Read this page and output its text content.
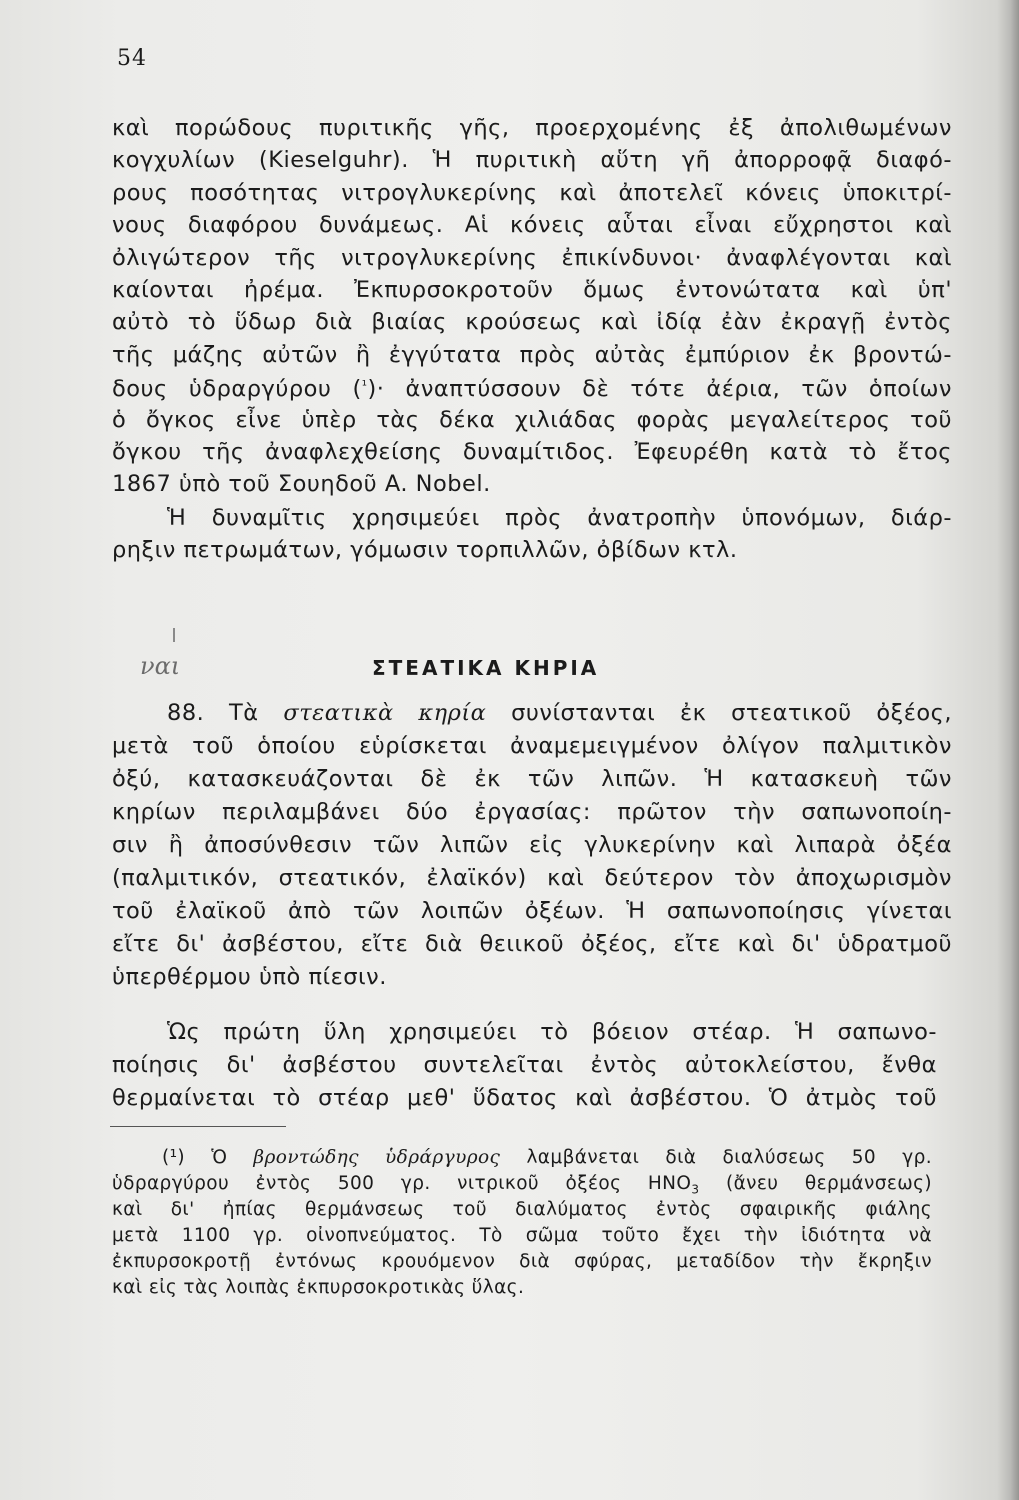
54
καὶ πορώδους πυριτικῆς γῆς, προερχομένης ἐξ ἀπολιθωμένων
κογχυλίων (Kieselguhr). Ἡ πυριτικὴ αὕτη γῆ ἀπορροφᾷ διαφό-
ρους ποσότητας νιτρογλυκερίνης καὶ ἀποτελεῖ κόνεις ὑποκιτρί-
νους διαφόρου δυνάμεως. Αἱ κόνεις αὗται εἶναι εὔχρηστοι καὶ
ὀλιγώτερον τῆς νιτρογλυκερίνης ἐπικίνδυνοι· ἀναφλέγονται καὶ
καίονται ἠρέμα. Ἐκπυρσοκροτοῦν ὅμως ἐντονώτατα καὶ ὑπ'
αὐτὸ τὸ ὕδωρ διὰ βιαίας κρούσεως καὶ ἰδίᾳ ἐὰν ἐκραγῇ ἐντὸς
τῆς μάζης αὐτῶν ἢ ἐγγύτατα πρὸς αὐτὰς ἐμπύριον ἐκ βροντώ-
δους ὑδραργύρου ($^{^1}$)· ἀναπτύσσουν δὲ τότε ἀέρια, τῶν ὁποίων
ὁ ὄγκος εἶνε ὑπὲρ τὰς δέκα χιλιάδας φορὰς μεγαλείτερος τοῦ
ὄγκου τῆς ἀναφλεχθείσης δυναμίτιδος. Ἐφευρέθη κατὰ τὸ ἔτος
1867 ὑπὸ τοῦ Σουηδοῦ A. Nobel.
Ἡ δυναμῖτις χρησιμεύει πρὸς ἀνατροπὴν ὑπονόμων, διάρ-
ρηξιν πετρωμάτων, γόμωσιν τορπιλλῶν, ὀβίδων κτλ.
ναι	ΣΤΕΑΤΙΚΑ ΚΗΡΙΑ
88. Τὰ στεατικὰ κηρία συνίστανται ἐκ στεατικοῦ ὀξέος,
μετὰ τοῦ ὁποίου εὑρίσκεται ἀναμεμειγμένον ὀλίγον παλμιτικὸν
ὀξύ, κατασκευάζονται δὲ ἐκ τῶν λιπῶν. Ἡ κατασκευὴ τῶν
κηρίων περιλαμβάνει δύο ἐργασίας: πρῶτον τὴν σαπωνοποίη-
σιν ἢ ἀποσύνθεσιν τῶν λιπῶν εἰς γλυκερίνην καὶ λιπαρὰ ὀξέα
(παλμιτικόν, στεατικόν, ἐλαϊκόν) καὶ δεύτερον τὸν ἀποχωρισμὸν
τοῦ ἐλαϊκοῦ ἀπὸ τῶν λοιπῶν ὀξέων. Ἡ σαπωνοποίησις γίνεται
εἴτε δι' ἀσβέστου, εἴτε διὰ θειικοῦ ὀξέος, εἴτε καὶ δι' ὑδρατμοῦ
ὑπερθέρμου ὑπὸ πίεσιν.
Ὡς πρώτη ὕλη χρησιμεύει τὸ βόειον στέαρ. Ἡ σαπωνο-
ποίησις δι' ἀσβέστου συντελεῖται ἐντὸς αὐτοκλείστου, ἔνθα
θερμαίνεται τὸ στέαρ μεθ' ὕδατος καὶ ἀσβέστου. Ὁ ἀτμὸς τοῦ
(¹) Ὁ βροντώδης ὑδράργυρος λαμβάνεται διὰ διαλύσεως 50 γρ.
ὑδραργύρου ἐντὸς 500 γρ. νιτρικοῦ ὀξέος $HNO_3$ (ἄνευ θερμάνσεως)
καὶ δι' ἠπίας θερμάνσεως τοῦ διαλύματος ἐντὸς σφαιρικῆς φιάλης
μετὰ 1100 γρ. οἰνοπνεύματος. Τὸ σῶμα τοῦτο ἔχει τὴν ἰδιότητα νὰ
ἐκπυρσοκροτῇ ἐντόνως κρουόμενον διὰ σφύρας, μεταδίδον τὴν ἔκρηξιν
καὶ εἰς τὰς λοιπὰς ἐκπυρσοκροτικὰς ὕλας.
